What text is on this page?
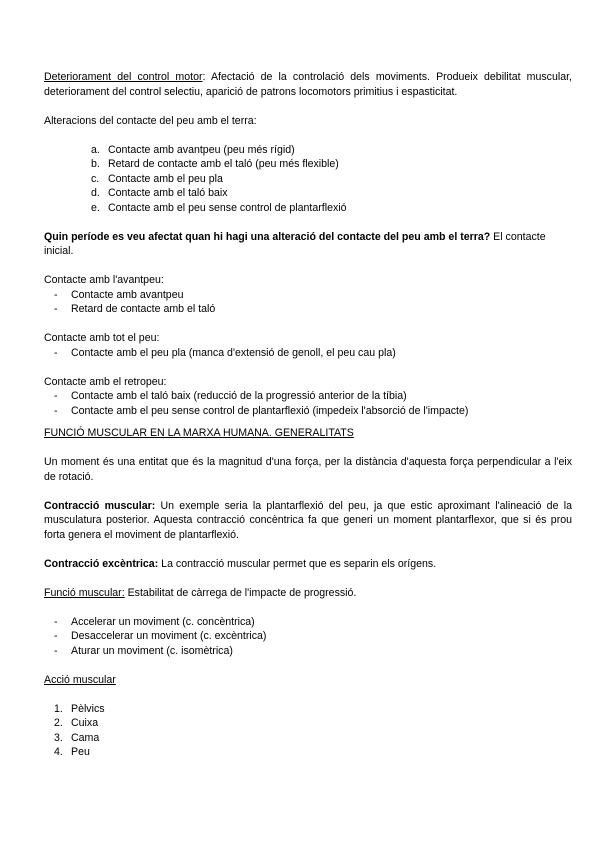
Deteriorament del control motor: Afectació de la controlació dels moviments. Produeix debilitat muscular, deteriorament del control selectiu, aparició de patrons locomotors primitius i espasticitat.

Alteracions del contacte del peu amb el terra:

a. Contacte amb avantpeu (peu més rígid)
b. Retard de contacte amb el taló (peu més flexible)
c. Contacte amb el peu pla
d. Contacte amb el taló baix
e. Contacte amb el peu sense control de plantarflexió

Quin període es veu afectat quan hi hagi una alteració del contacte del peu amb el terra? El contacte inicial.

Contacte amb l'avantpeu:

- Contacte amb avantpeu
- Retard de contacte amb el taló

Contacte amb tot el peu:

- Contacte amb el peu pla (manca d'extensió de genoll, el peu cau pla)

Contacte amb el retropeu:

- Contacte amb el taló baix (reducció de la progressió anterior de la tíbia)
- Contacte amb el peu sense control de plantarflexió (impedeix l'absorció de l'impacte)

FUNCIÓ MUSCULAR EN LA MARXA HUMANA. GENERALITATS

Un moment és una entitat que és la magnitud d'una força, per la distància d'aquesta força perpendicular a l'eix de rotació.

Contracció muscular: Un exemple seria la plantarflexió del peu, ja que estic aproximant l'alineació de la musculatura posterior. Aquesta contracció concèntrica fa que generi un moment plantarflexor, que si és prou forta genera el moviment de plantarflexió.

Contracció excèntrica: La contracció muscular permet que es separin els orígens.

Funció muscular: Estabilitat de càrrega de l'impacte de progressió.

- Accelerar un moviment (c. concèntrica)
- Desaccelerar un moviment (c. excèntrica)
- Aturar un moviment (c. isomètrica)

Acció muscular

1. Pèlvics
2. Cuixa
3. Cama
4. Peu
